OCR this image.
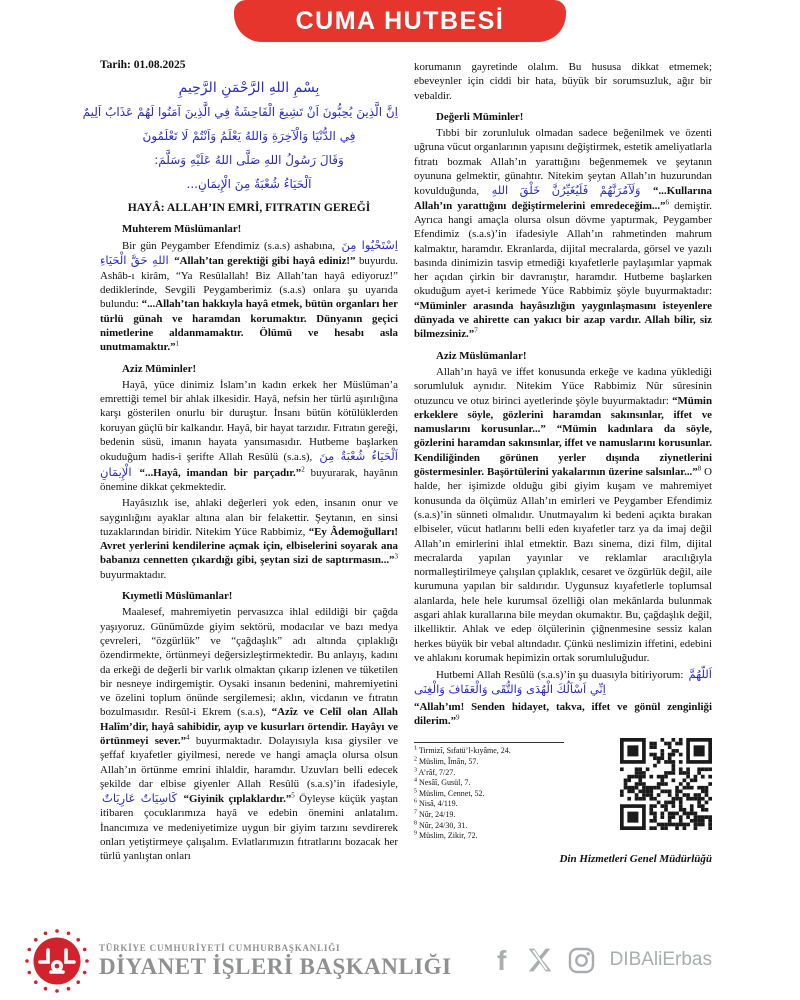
CUMA HUTBESİ
Tarih: 01.08.2025
بِسْمِ اللهِ الرَّحْمَنِ الرَّحِيمِ
اِنَّ الَّذِينَ يُحِبُّونَ اَنْ تَشِيعَ الْفَاحِشَةُ فِي الَّذِينَ آمَنُوا لَهُمْ عَذَابٌ اَلِيمٌ
فِي الدُّنْيَا وَالْآخِرَةِ وَاللهُ يَعْلَمُ وَاَنْتُمْ لَا تَعْلَمُونَ
وَقَالَ رَسُولُ اللهِ صَلَّى اللهُ عَلَيْهِ وَسَلَّمَ:
اَلْحَيَاءُ شُعْبَةٌ مِنَ الْإِيمَانِ...
HAYÂ: ALLAH’IN EMRİ, FITRATIN GEREĞİ

Muhterem Müslümanlar!

Bir gün Peygamber Efendimiz (s.a.s) ashabına, اِسْتَحْيُوا مِنَ اللهِ حَقَّ الْحَيَاءِ “Allah’tan gerektiği gibi hayâ ediniz!” buyurdu. Ashâb-ı kirâm, “Ya Resûlallah! Biz Allah’tan hayâ ediyoruz!” dediklerinde, Sevgili Peygamberimiz (s.a.s) onlara şu uyarıda bulundu: “...Allah’tan hakkıyla hayâ etmek, bütün organları her türlü günah ve haramdan korumaktır. Dünyanın geçici nimetlerine aldanmamaktır. Ölümü ve hesabı asla unutmamaktır.”$^1$

Aziz Müminler!

Hayâ, yüce dinimiz İslam’ın kadın erkek her Müslüman’a emrettiği temel bir ahlak ilkesidir. Hayâ, nefsin her türlü aşırılığına karşı gösterilen onurlu bir duruştur. İnsanı bütün kötülüklerden koruyan güçlü bir kalkandır. Hayâ, bir hayat tarzıdır. Fıtratın gereği, bedenin süsü, imanın hayata yansımasıdır. Hutbeme başlarken okuduğum hadis-i şerifte Allah Resûlü (s.a.s), اَلْحَيَاءُ شُعْبَةٌ مِنَ الْإِيمَانِ “...Hayâ, imandan bir parçadır.”$^2$ buyurarak, hayânın önemine dikkat çekmektedir.

Hayâsızlık ise, ahlaki değerleri yok eden, insanın onur ve saygınlığını ayaklar altına alan bir felakettir. Şeytanın, en sinsi tuzaklarından biridir. Nitekim Yüce Rabbimiz, “Ey Âdemoğulları! Avret yerlerini kendilerine açmak için, elbiselerini soyarak ana babanızı cennetten çıkardığı gibi, şeytan sizi de saptırmasın...”$^3$ buyurmaktadır.

Kıymetli Müslümanlar!

Maalesef, mahremiyetin pervasızca ihlal edildiği bir çağda yaşıyoruz. Günümüzde giyim sektörü, modacılar ve bazı medya çevreleri, “özgürlük” ve “çağdaşlık” adı altında çıplaklığı özendirmekte, örtünmeyi değersizleştirmektedir. Bu anlayış, kadını da erkeği de değerli bir varlık olmaktan çıkarıp izlenen ve tüketilen bir nesneye indirgemiştir. Oysaki insanın bedenini, mahremiyetini ve özelini toplum önünde sergilemesi; aklın, vicdanın ve fıtratın bozulmasıdır. Resûl-i Ekrem (s.a.s), “Azîz ve Celîl olan Allah Halîm’dir, hayâ sahibidir, ayıp ve kusurları örtendir. Hayâyı ve örtünmeyi sever.”$^4$ buyurmaktadır. Dolayısıyla kısa giysiler ve şeffaf kıyafetler giyilmesi, nerede ve hangi amaçla olursa olsun Allah’ın örtünme emrini ihlaldir, haramdır. Uzuvları belli edecek şekilde dar elbise giyenler Allah Resûlü (s.a.s)’in ifadesiyle, كَاسِيَاتٌ عَارِيَاتٌ “Giyinik çıplaklardır.”$^5$ Öyleyse küçük yaştan itibaren çocuklarımıza hayâ ve edebin önemini anlatalım. İnancımıza ve medeniyetimize uygun bir giyim tarzını sevdirerek onları yetiştirmeye çalışalım. Evlatlarımızın fıtratlarını bozacak her türlü yanlıştan onları

korumanın gayretinde olalım. Bu hususa dikkat etmemek; ebeveynler için ciddi bir hata, büyük bir sorumsuzluk, ağır bir vebaldir.

Değerli Müminler!

Tıbbi bir zorunluluk olmadan sadece beğenilmek ve özenti uğruna vücut organlarının yapısını değiştirmek, estetik ameliyatlarla fıtratı bozmak Allah’ın yarattığını beğenmemek ve şeytanın oyununa gelmektir, günahtır. Nitekim şeytan Allah’ın huzurundan kovulduğunda, وَلَآمُرَنَّهُمْ فَلَيُغَيِّرُنَّ خَلْقَ اللهِ “...Kullarına Allah’ın yarattığını değiştirmelerini emredeceğim...”$^6$ demiştir. Ayrıca hangi amaçla olursa olsun dövme yaptırmak, Peygamber Efendimiz (s.a.s)’in ifadesiyle Allah’ın rahmetinden mahrum kalmaktır, haramdır. Ekranlarda, dijital mecralarda, görsel ve yazılı basında dinimizin tasvip etmediği kıyafetlerle paylaşımlar yapmak her açıdan çirkin bir davranıştır, haramdır. Hutbeme başlarken okuduğum ayet-i kerimede Yüce Rabbimiz şöyle buyurmaktadır: “Müminler arasında hayâsızlığın yaygınlaşmasını isteyenlere dünyada ve ahirette can yakıcı bir azap vardır. Allah bilir, siz bilmezsiniz.”$^7$

Aziz Müslümanlar!

Allah’ın hayâ ve iffet konusunda erkeğe ve kadına yüklediği sorumluluk aynıdır. Nitekim Yüce Rabbimiz Nûr sûresinin otuzuncu ve otuz birinci ayetlerinde şöyle buyurmaktadır: “Mümin erkeklere söyle, gözlerini haramdan sakınsınlar, iffet ve namuslarını korusunlar...” “Mümin kadınlara da söyle, gözlerini haramdan sakınsınlar, iffet ve namuslarını korusunlar. Kendiliğinden görünen yerler dışında ziynetlerini göstermesinler. Başörtülerini yakalarının üzerine salsınlar...”$^8$ O halde, her işimizde olduğu gibi giyim kuşam ve mahremiyet konusunda da ölçümüz Allah’ın emirleri ve Peygamber Efendimiz (s.a.s)’in sünneti olmalıdır. Unutmayalım ki bedeni açıkta bırakan elbiseler, vücut hatlarını belli eden kıyafetler tarz ya da imaj değil Allah’ın emirlerini ihlal etmektir. Bazı sinema, dizi film, dijital mecralarda yapılan yayınlar ve reklamlar aracılığıyla normalleştirilmeye çalışılan çıplaklık, cesaret ve özgürlük değil, aile kurumuna yapılan bir saldırıdır. Uygunsuz kıyafetlerle toplumsal alanlarda, hele hele kurumsal özelliği olan mekânlarda bulunmak asgari ahlak kurallarına bile meydan okumaktır. Bu, çağdaşlık değil, ilkelliktir. Ahlak ve edep ölçülerinin çiğnenmesine sessiz kalan herkes büyük bir vebal altındadır. Çünkü neslimizin iffetini, edebini ve ahlakını korumak hepimizin ortak sorumluluğudur.

Hutbemi Allah Resûlü (s.a.s)’in şu duasıyla bitiriyorum: اَللّهُمَّ اِنِّي اَسْاَلُكَ الْهُدَى وَالتُّقَى وَالْعَفَافَ وَالْغِنَى

“Allah’ım! Senden hidayet, takva, iffet ve gönül zenginliği dilerim.”$^9$

$^1$ Tirmizî, Sıfatü’l-kıyâme, 24.
$^2$ Müslim, Îmân, 57.
$^3$ A’râf, 7/27.
$^4$ Nesâî, Gusül, 7.
$^5$ Müslim, Cennet, 52.
$^6$ Nisâ, 4/119.
$^7$ Nûr, 24/19.
$^8$ Nûr, 24/30, 31.
$^9$ Müslim, Zikir, 72.
Din Hizmetleri Genel Müdürlüğü
TÜRKİYE CUMHURİYETİ CUMHURBAŞKANLIĞI
DİYANET İŞLERİ BAŞKANLIĞI f	DIBAliErbas
